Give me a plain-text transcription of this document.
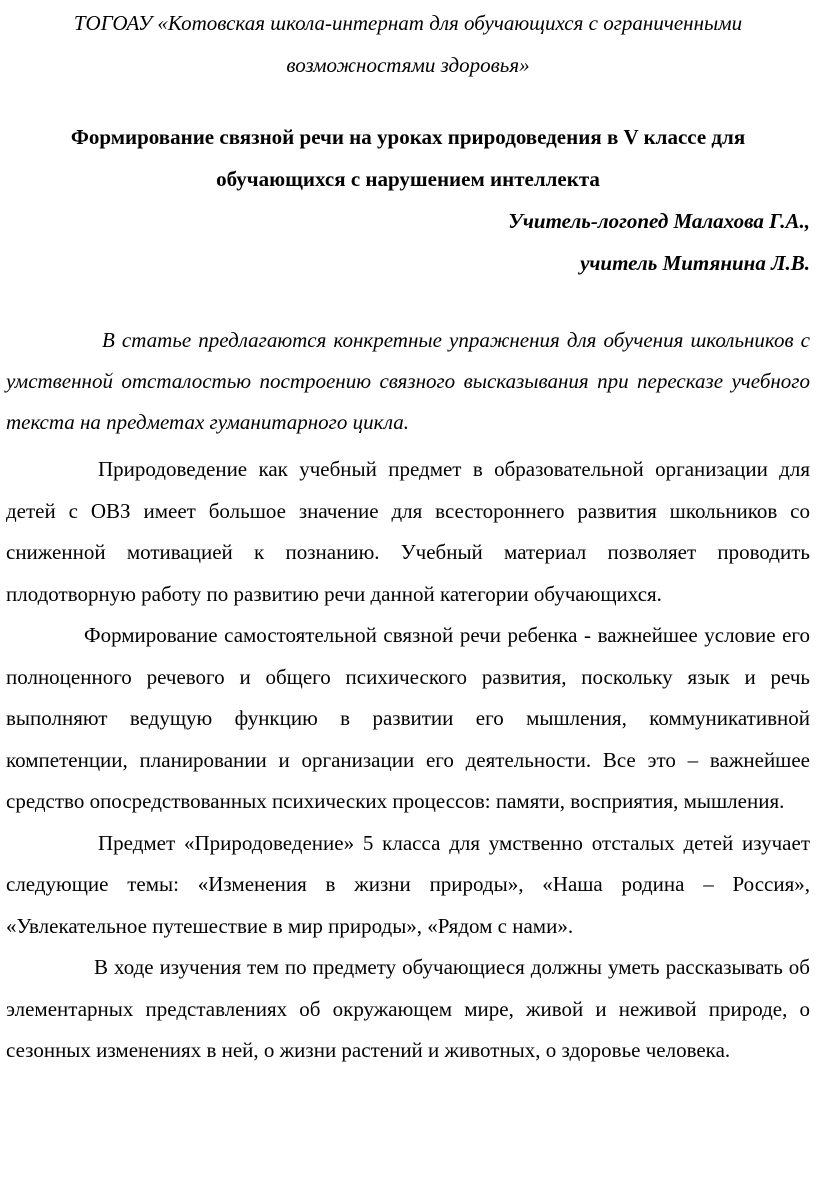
ТОГОАУ «Котовская школа-интернат для обучающихся с ограниченными
возможностями здоровья»
Формирование связной речи на уроках природоведения в V классе для
обучающихся с нарушением интеллекта
Учитель-логопед Малахова Г.А.,
учитель Митянина Л.В.

В статье предлагаются конкретные упражнения для обучения школьников с умственной отсталостью построению связного высказывания при пересказе учебного текста на предметах гуманитарного цикла.

Природоведение как учебный предмет в образовательной организации для детей с ОВЗ имеет большое значение для всестороннего развития школьников со сниженной мотивацией к познанию. Учебный материал позволяет проводить плодотворную работу по развитию речи данной категории обучающихся.

Формирование самостоятельной связной речи ребенка - важнейшее условие его полноценного речевого и общего психического развития, поскольку язык и речь выполняют ведущую функцию в развитии его мышления, коммуникативной компетенции, планировании и организации его деятельности. Все это – важнейшее средство опосредствованных психических процессов: памяти, восприятия, мышления.

Предмет «Природоведение» 5 класса для умственно отсталых детей изучает следующие темы: «Изменения в жизни природы», «Наша родина – Россия», «Увлекательное путешествие в мир природы», «Рядом с нами».

В ходе изучения тем по предмету обучающиеся должны уметь рассказывать об элементарных представлениях об окружающем мире, живой и неживой природе, о сезонных изменениях в ней, о жизни растений и животных, о здоровье человека.
